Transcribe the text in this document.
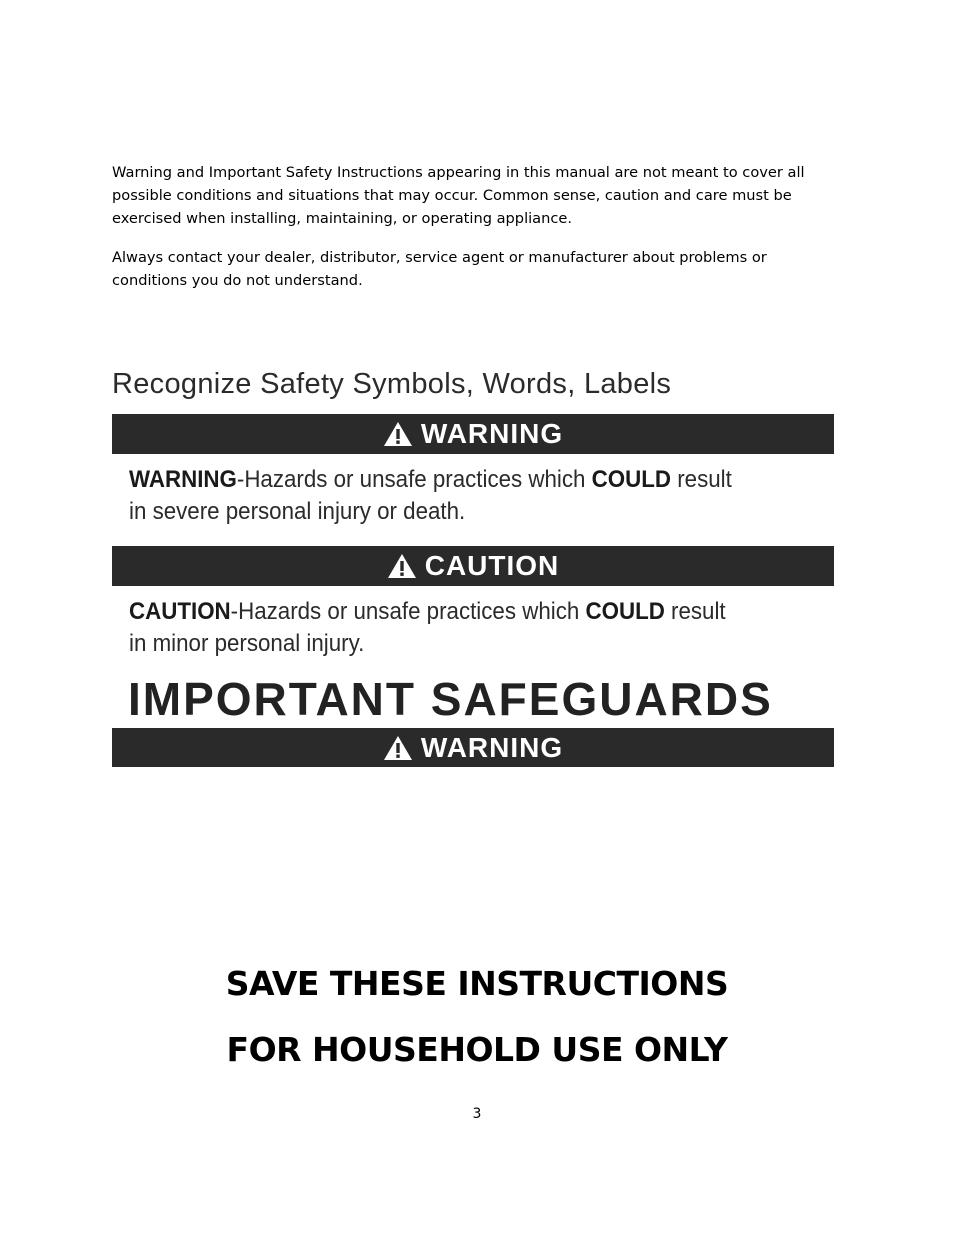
Warning and Important Safety Instructions appearing in this manual are not meant to cover all
possible conditions and situations that may occur. Common sense, caution and care must be
exercised when installing, maintaining, or operating appliance.

Always contact your dealer, distributor, service agent or manufacturer about problems or
conditions you do not understand.

Recognize Safety Symbols, Words, Labels
WARNING
WARNING-Hazards or unsafe practices which COULD result
in severe personal injury or death.
CAUTION
CAUTION-Hazards or unsafe practices which COULD result
in minor personal injury.
IMPORTANT SAFEGUARDS
WARNING
SAVE THESE INSTRUCTIONS
FOR HOUSEHOLD USE ONLY
3
